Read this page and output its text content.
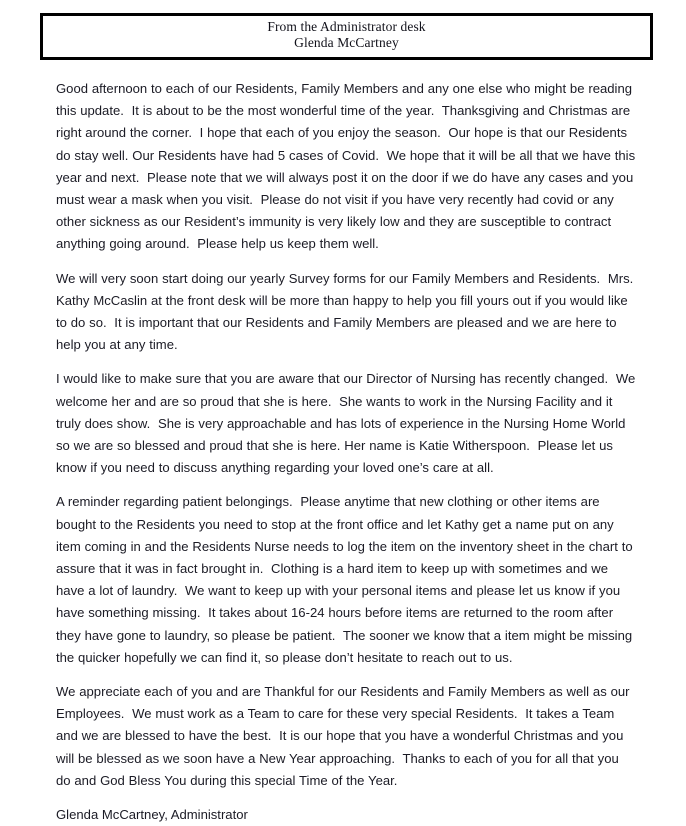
From the Administrator desk
Glenda McCartney

Good afternoon to each of our Residents, Family Members and any one else who might be reading this update.  It is about to be the most wonderful time of the year.  Thanksgiving and Christmas are right around the corner.  I hope that each of you enjoy the season.  Our hope is that our Residents do stay well. Our Residents have had 5 cases of Covid.  We hope that it will be all that we have this year and next.  Please note that we will always post it on the door if we do have any cases and you must wear a mask when you visit.  Please do not visit if you have very recently had covid or any other sickness as our Resident’s immunity is very likely low and they are susceptible to contract anything going around.  Please help us keep them well.

We will very soon start doing our yearly Survey forms for our Family Members and Residents.  Mrs. Kathy McCaslin at the front desk will be more than happy to help you fill yours out if you would like to do so.  It is important that our Residents and Family Members are pleased and we are here to help you at any time.

I would like to make sure that you are aware that our Director of Nursing has recently changed.  We welcome her and are so proud that she is here.  She wants to work in the Nursing Facility and it truly does show.  She is very approachable and has lots of experience in the Nursing Home World so we are so blessed and proud that she is here. Her name is Katie Witherspoon.  Please let us know if you need to discuss anything regarding your loved one’s care at all.

A reminder regarding patient belongings.  Please anytime that new clothing or other items are bought to the Residents you need to stop at the front office and let Kathy get a name put on any item coming in and the Residents Nurse needs to log the item on the inventory sheet in the chart to assure that it was in fact brought in.  Clothing is a hard item to keep up with sometimes and we have a lot of laundry.  We want to keep up with your personal items and please let us know if you have something missing.  It takes about 16-24 hours before items are returned to the room after they have gone to laundry, so please be patient.  The sooner we know that a item might be missing the quicker hopefully we can find it, so please don’t hesitate to reach out to us.

We appreciate each of you and are Thankful for our Residents and Family Members as well as our Employees.  We must work as a Team to care for these very special Residents.  It takes a Team and we are blessed to have the best.  It is our hope that you have a wonderful Christmas and you will be blessed as we soon have a New Year approaching.  Thanks to each of you for all that you do and God Bless You during this special Time of the Year.

Glenda McCartney, Administrator
